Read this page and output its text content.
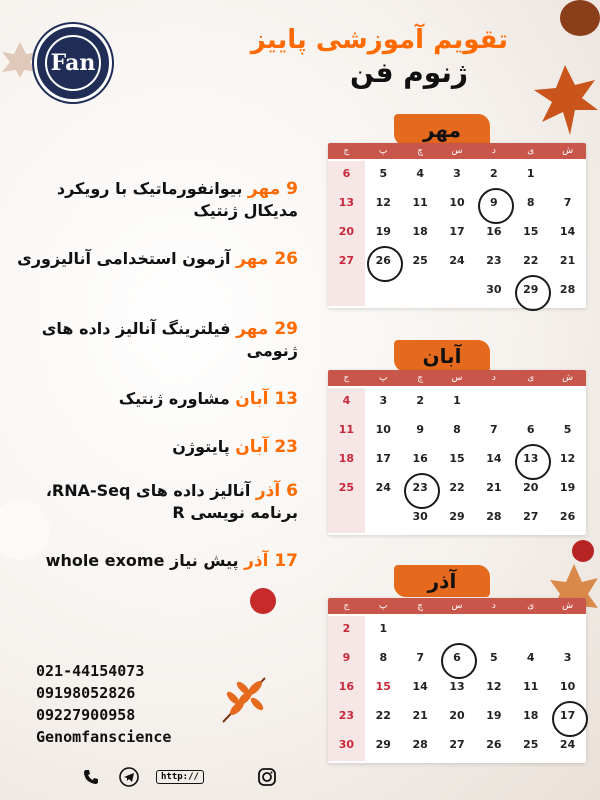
Fan
تقویم آموزشی پاییز
ژنوم فن
9 مهر بیوانفورماتیک با رویکرد مدیکال ژنتیک
26 مهر آزمون استخدامی آنالیزوری
29 مهر فیلترینگ آنالیز داده های ژنومی
13 آبان مشاوره ژنتیک
23 آبان پایتوژن
6 آذر آنالیز داده های RNA-Seq، برنامه نویسی R
17 آذر پیش نیاز whole exome
021-44154073
09198052826
09227900958
Genomfanscience
http://
مهر
ش
ی
د
س
چ
پ
ج
1
2
3
4
5
6
7
8
9
10
11
12
13
14
15
16
17
18
19
20
21
22
23
24
25
26
27
28
29
30
آبان
ش
ی
د
س
چ
پ
ج
1
2
3
4
5
6
7
8
9
10
11
12
13
14
15
16
17
18
19
20
21
22
23
24
25
26
27
28
29
30
آذر
ش
ی
د
س
چ
پ
ج
1
2
3
4
5
6
7
8
9
10
11
12
13
14
15
16
17
18
19
20
21
22
23
24
25
26
27
28
29
30
